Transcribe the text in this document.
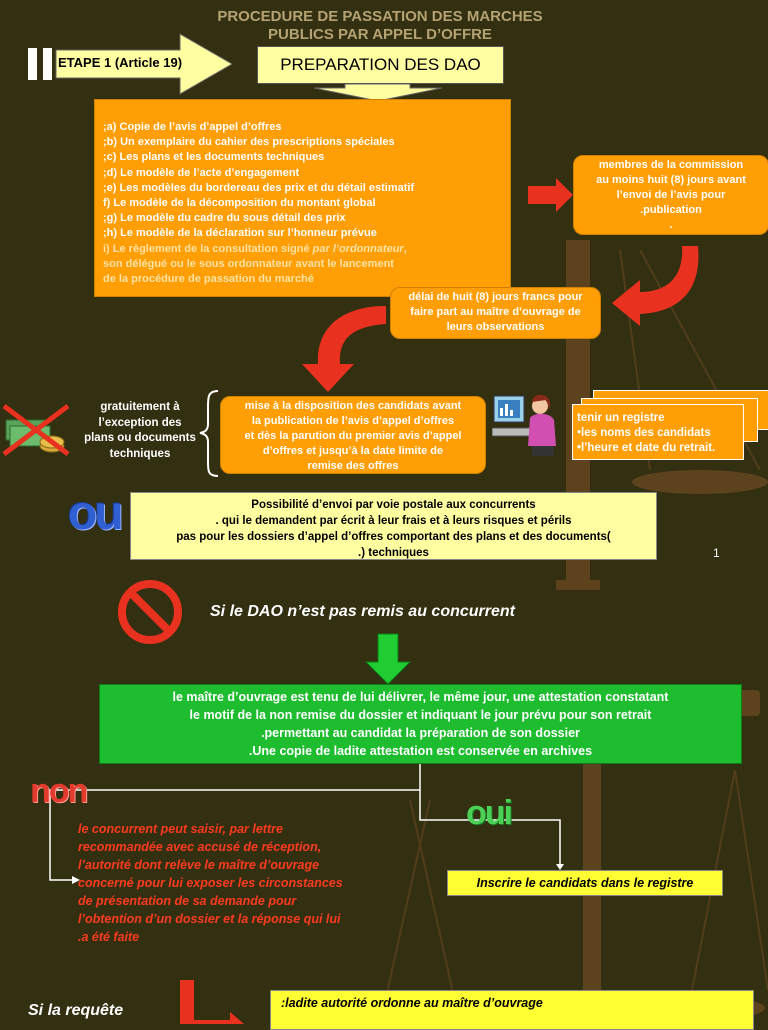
PROCEDURE DE PASSATION DES MARCHES
PUBLICS PAR APPEL D’OFFRE
ETAPE 1 (Article 19)	PREPARATION DES DAO
;a) Copie de l’avis d’appel d’offres
;b) Un exemplaire du cahier des prescriptions spéciales
;c) Les plans et les documents techniques
;d) Le modèle de l’acte d’engagement
;e) Les modèles du bordereau des prix et du détail estimatif
f) Le modèle de la décomposition du montant global
;g) Le modèle du cadre du sous détail des prix
;h) Le modèle de la déclaration sur l’honneur prévue
i) Le règlement de la consultation signé par l’ordonnateur,
son délégué ou le sous ordonnateur avant le lancement
de la procédure de passation du marché
membres de la commission
au moins huit (8) jours avant
l’envoi de l’avis pour
.publication
.
délai de huit (8) jours francs pour
faire part au maître d’ouvrage de
leurs observations
gratuitement à
l’exception des
plans ou documents
techniques
mise à la disposition des candidats avant
la publication de l’avis d’appel d’offres
et dès la parution du premier avis d’appel
d’offres et jusqu’à la date limite de
remise des offres
tenir un registre
•les noms des candidats
•l’heure et date du retrait.
ou	Possibilité d’envoi par voie postale aux concurrents
. qui le demandent par écrit à leur frais et à leurs risques et périls
pas pour les dossiers d’appel d’offres comportant des plans et des documents(
.) techniques	1
Si le DAO n’est pas remis au concurrent
le maître d’ouvrage est tenu de lui délivrer, le même jour, une attestation constatant
le motif de la non remise du dossier et indiquant le jour prévu pour son retrait
.permettant au candidat la préparation de son dossier
.Une copie de ladite attestation est conservée en archives
non
oui
le concurrent peut saisir, par lettre
recommandée avec accusé de réception,
l’autorité dont relève le maître d’ouvrage
concerné pour lui exposer les circonstances
de présentation de sa demande pour
l’obtention d’un dossier et la réponse qui lui
.a été faite
Inscrire le candidats dans le registre
Si la requête	:ladite autorité ordonne au maître d’ouvrage
